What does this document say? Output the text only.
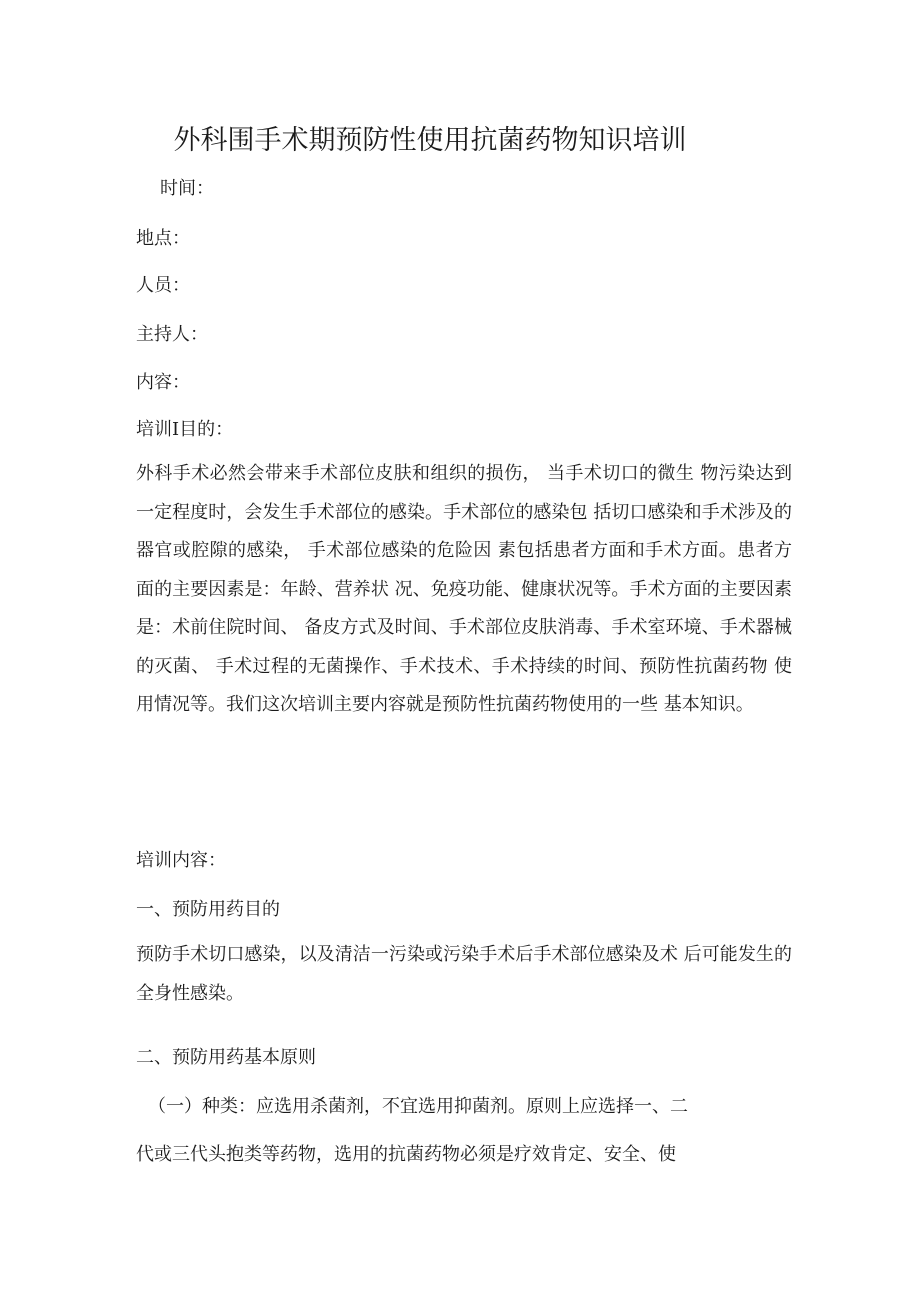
外科围手术期预防性使用抗菌药物知识培训
时间：
地点：
人员：
主持人：
内容：
培训I目的：
外科手术必然会带来手术部位皮肤和组织的损伤， 当手术切口的微生 物污染达到一定程度时，会发生手术部位的感染。手术部位的感染包 括切口感染和手术涉及的器官或腔隙的感染， 手术部位感染的危险因 素包括患者方面和手术方面。患者方面的主要因素是：年龄、营养状 况、免疫功能、健康状况等。手术方面的主要因素是：术前住院时间、 备皮方式及时间、手术部位皮肤消毒、手术室环境、手术器械的灭菌、 手术过程的无菌操作、手术技术、手术持续的时间、预防性抗菌药物 使用情况等。我们这次培训主要内容就是预防性抗菌药物使用的一些 基本知识。
培训内容：
一、预防用药目的
预防手术切口感染，以及清洁一污染或污染手术后手术部位感染及术 后可能发生的全身性感染。
二、预防用药基本原则
（一）种类：应选用杀菌剂，不宜选用抑菌剂。原则上应选择一、二
代或三代头抱类等药物，选用的抗菌药物必须是疗效肯定、安全、使
